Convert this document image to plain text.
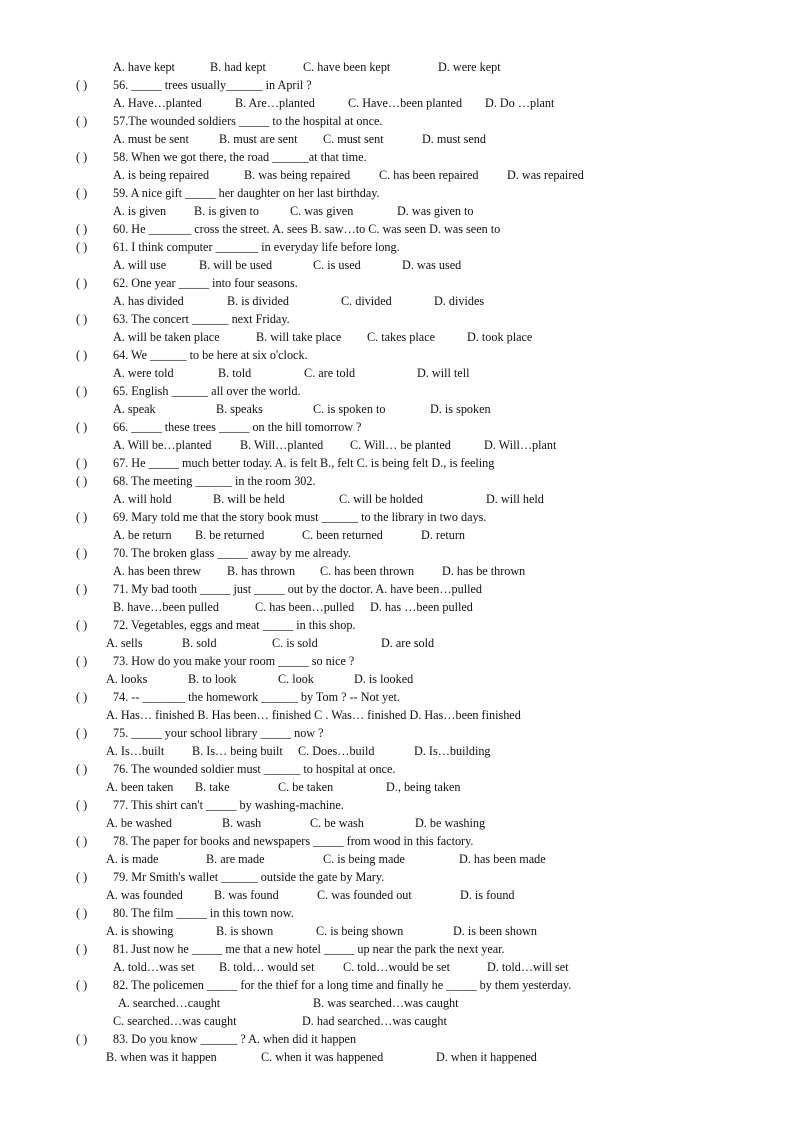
A. have kept	B. had kept	C. have been kept	D. were kept
( ) 56. _____ trees usually______ in April ?
A. Have…planted	B. Are…planted	C. Have…been planted D. Do …plant
( ) 57.The wounded soldiers _____ to the hospital at once.
A. must be sent B. must are sent C. must sent	D. must send
( ) 58. When we got there, the road ______at that time.
A. is being repaired	B. was being repaired C. has been repaired D. was repaired
( ) 59. A nice gift _____ her daughter on her last birthday.
A. is given B. is given to	C. was given	D. was given to
( ) 60. He _______ cross the street. A. sees B. saw…to C. was seen D. was seen to
( ) 61. I think computer _______ in everyday life before long.
A. will use	B. will be used	C. is used	D. was used
( ) 62. One year _____ into four seasons.
A. has divided	B. is divided	C. divided	D. divides
( ) 63. The concert ______ next Friday.
A. will be taken place	B. will take place C. takes place	D. took place
( ) 64. We ______ to be here at six o'clock.
A. were told	B. told	C. are told	D. will tell
( ) 65. English ______ all over the world.
A. speak	B. speaks	C. is spoken to	D. is spoken
( ) 66. _____ these trees _____ on the hill tomorrow ?
A. Will be…planted B. Will…planted C. Will… be planted	D. Will…plant
( ) 67. He _____ much better today. A. is felt B., felt C. is being felt D., is feeling
( ) 68. The meeting ______ in the room 302.
A. will hold	B. will be held	C. will be holded	D. will held
( ) 69. Mary told me that the story book must ______ to the library in two days.
A. be return B. be returned	C. been returned	D. return
( ) 70. The broken glass _____ away by me already.
A. has been threw B. has thrown C. has been thrown D. has be thrown
( ) 71. My bad tooth _____ just _____ out by the doctor. A. have been…pulled
B. have…been pulled	C. has been…pulled D. has …been pulled
( ) 72. Vegetables, eggs and meat _____ in this shop.
A. sells	B. sold	C. is sold	D. are sold
( ) 73. How do you make your room _____ so nice ?
A. looks	B. to look	C. look	D. is looked
( ) 74. -- _______ the homework ______ by Tom ? -- Not yet.
A. Has… finished B. Has been… finished C . Was… finished D. Has…been finished
( ) 75. _____ your school library _____ now ?
A. Is…built B. Is… being built C. Does…build	D. Is…building
( ) 76. The wounded soldier must ______ to hospital at once.
A. been taken B. take	C. be taken	D., being taken
( ) 77. This shirt can't _____ by washing-machine.
A. be washed	B. wash	C. be wash	D. be washing
( ) 78. The paper for books and newspapers _____ from wood in this factory.
A. is made	B. are made	C. is being made	D. has been made
( ) 79. Mr Smith's wallet ______ outside the gate by Mary.
A. was founded	B. was found	C. was founded out	D. is found
( ) 80. The film _____ in this town now.
A. is showing	B. is shown	C. is being shown	D. is been shown
( ) 81. Just now he _____ me that a new hotel _____ up near the park the next year.
A. told…was set B. told… would set C. told…would be set	D. told…will set
( ) 82. The policemen _____ for the thief for a long time and finally he _____ by them yesterday.
A. searched…caught	B. was searched…was caught
C. searched…was caught	D. had searched…was caught
( ) 83. Do you know ______ ? A. when did it happen
B. when was it happen	C. when it was happened	D. when it happened
